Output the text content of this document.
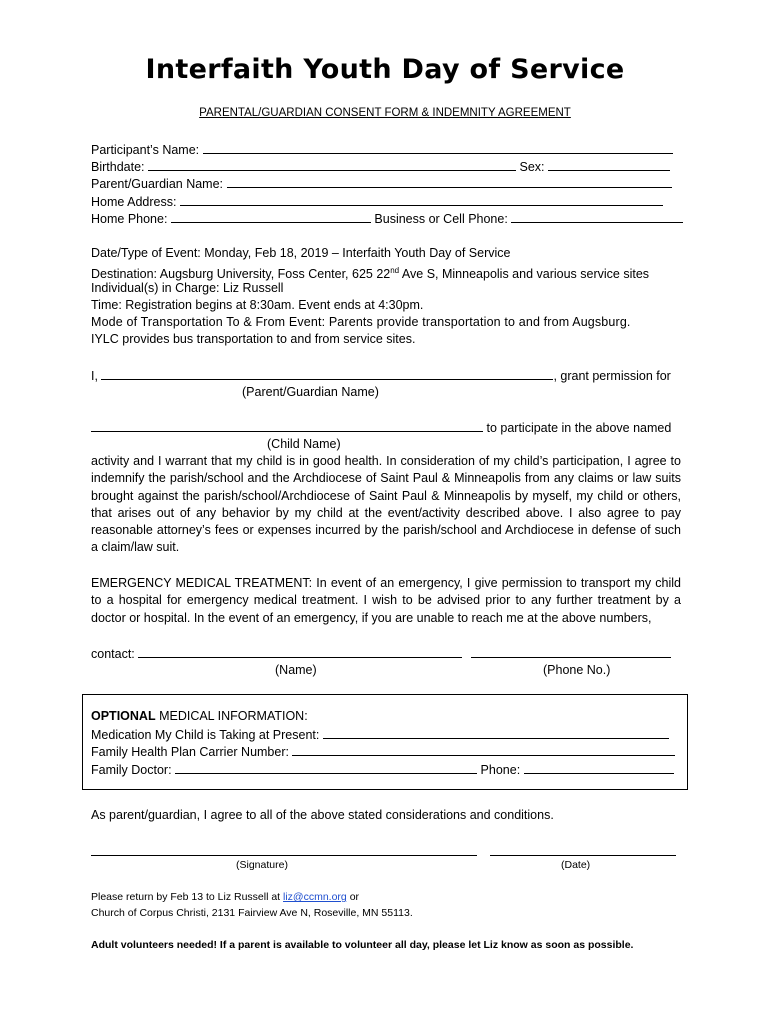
Interfaith Youth Day of Service
PARENTAL/GUARDIAN CONSENT FORM & INDEMNITY AGREEMENT
Participant’s Name:
Birthdate:	Sex:
Parent/Guardian Name:
Home Address:
Home Phone:	Business or Cell Phone:
Date/Type of Event: Monday, Feb 18, 2019 – Interfaith Youth Day of Service
Destination: Augsburg University, Foss Center, 625 22nd Ave S, Minneapolis and various service sites
Individual(s) in Charge: Liz Russell
Time: Registration begins at 8:30am. Event ends at 4:30pm.
Mode of Transportation To & From Event: Parents provide transportation to and from Augsburg.
IYLC provides bus transportation to and from service sites.
I,	, grant permission for
(Parent/Guardian Name)
to participate in the above named
(Child Name)
activity and I warrant that my child is in good health. In consideration of my child’s participation, I agree to indemnify the parish/school and the Archdiocese of Saint Paul & Minneapolis from any claims or law suits brought against the parish/school/Archdiocese of Saint Paul & Minneapolis by myself, my child or others, that arises out of any behavior by my child at the event/activity described above. I also agree to pay reasonable attorney’s fees or expenses incurred by the parish/school and Archdiocese in defense of such a claim/law suit.
EMERGENCY MEDICAL TREATMENT: In event of an emergency, I give permission to transport my child to a hospital for emergency medical treatment. I wish to be advised prior to any further treatment by a doctor or hospital. In the event of an emergency, if you are unable to reach me at the above numbers,
contact:
(Name)	(Phone No.)
OPTIONAL MEDICAL INFORMATION:
Medication My Child is Taking at Present:
Family Health Plan Carrier Number:
Family Doctor:	Phone:
As parent/guardian, I agree to all of the above stated considerations and conditions.

(Signature)	(Date)
Please return by Feb 13 to Liz Russell at liz@ccmn.org or
Church of Corpus Christi, 2131 Fairview Ave N, Roseville, MN 55113.
Adult volunteers needed! If a parent is available to volunteer all day, please let Liz know as soon as possible.
